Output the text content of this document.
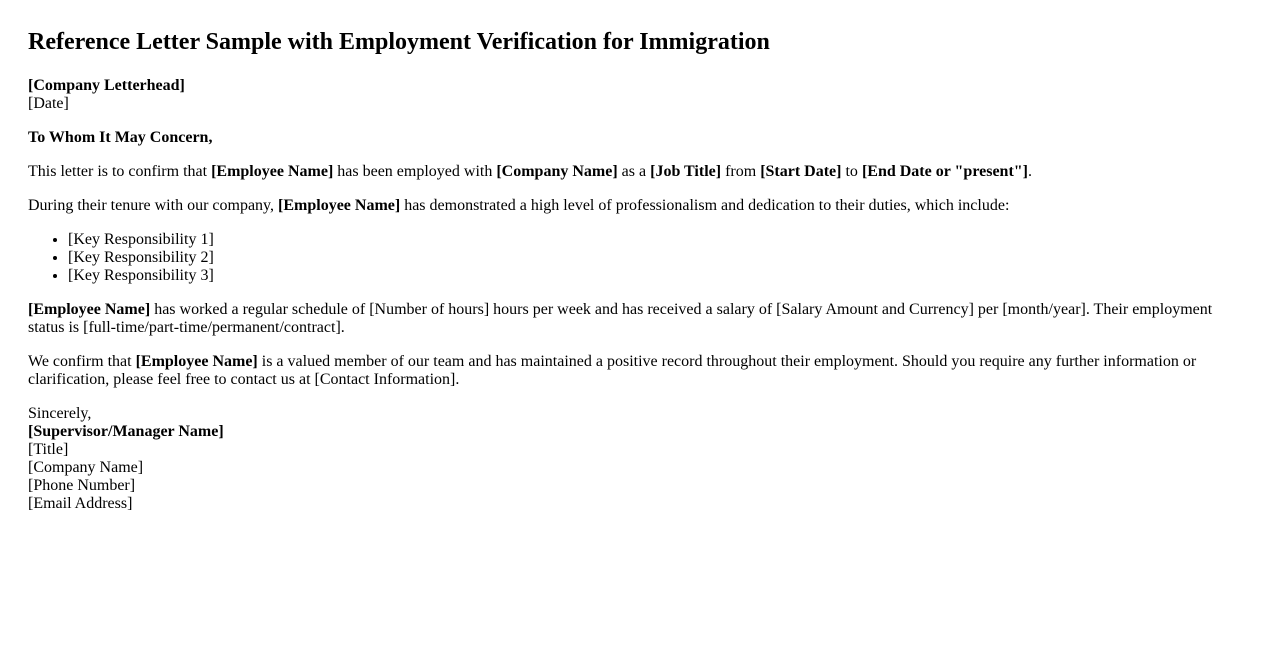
Reference Letter Sample with Employment Verification for Immigration

[Company Letterhead]
[Date]

To Whom It May Concern,

This letter is to confirm that [Employee Name] has been employed with [Company Name] as a [Job Title] from [Start Date] to [End Date or "present"].

During their tenure with our company, [Employee Name] has demonstrated a high level of professionalism and dedication to their duties, which include:

• [Key Responsibility 1]
• [Key Responsibility 2]
• [Key Responsibility 3]

[Employee Name] has worked a regular schedule of [Number of hours] hours per week and has received a salary of [Salary Amount and Currency] per [month/year]. Their employment status is [full-time/part-time/permanent/contract].

We confirm that [Employee Name] is a valued member of our team and has maintained a positive record throughout their employment. Should you require any further information or clarification, please feel free to contact us at [Contact Information].

Sincerely,
[Supervisor/Manager Name]
[Title]
[Company Name]
[Phone Number]
[Email Address]
